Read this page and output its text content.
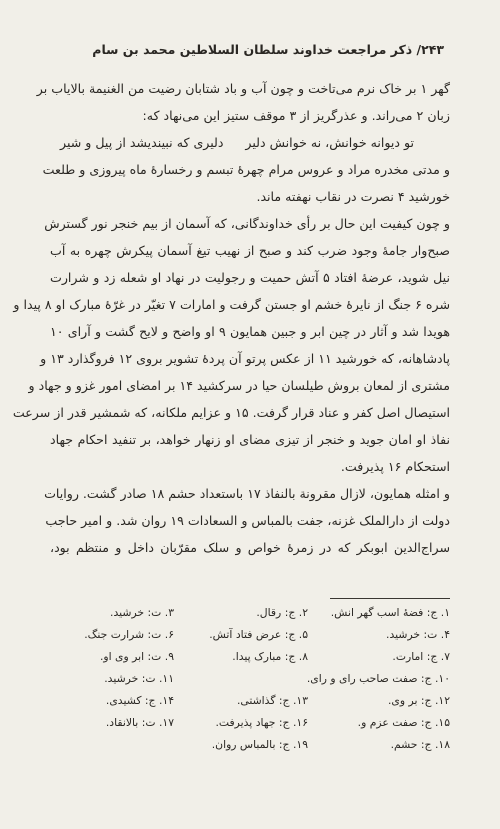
۲۴۳/ ذکر مراجعت خداوند سلطان السلاطین محمد بن سام
گهر ۱ بر خاک نرم می‌تاخت و چون آب و باد شتابان رضیت من الغنیمة بالایاب بر
زبان ۲ می‌راند. و عذرگریز از ۳ موقف ستیز این می‌نهاد که:
تو دیوانه خوانش، نه خوانش دلیر
دلیری که نبیندیشد از پیل و شیر
و مدتی مخدره مراد و عروس مرام چهرهٔ تبسم و رخسارهٔ ماه پیروزی و طلعت
خورشید ۴ نصرت در نقاب نهفته ماند.
و چون کیفیت این حال بر رأی خداوندگانی، که آسمان از بیم خنجر نور گسترش
صبح‌وار جامهٔ وجود ضرب کند و صبح از نهیب تیغ آسمان پیکرش چهره به آب
نیل شوید، عرضهٔ افتاد ۵ آتش حمیت و رجولیت در نهاد او شعله زد و شرارت
شره ۶ جنگ از نایرهٔ خشم او جستن گرفت و امارات ۷ تغیّر در غرّهٔ مبارک او ۸ پیدا و
هویدا شد و آثار در چین ابر و جبین همایون ۹ او واضح و لایح گشت و آرای ۱۰
پادشاهانه، که خورشید ۱۱ از عکس پرتو آن پردهٔ تشویر بروی ۱۲ فروگذارد ۱۳ و
مشتری از لمعان بروش طیلسان حیا در سرکشید ۱۴ بر امضای امور غزو و جهاد و
استیصال اصل کفر و عناد قرار گرفت. ۱۵ و عزایم ملکانه، که شمشیر قدر از سرعت
نفاذ او امان جوید و خنجر از تیزی مضای او زنهار خواهد، بر تنفید احکام جهاد
استحکام ۱۶ پذیرفت.
و امثله همایون، لازال مقرونة بالنفاذ ۱۷ باستعداد حشم ۱۸ صادر گشت. روایات
دولت از دارالملک غزنه، جفت بالمباس و السعادات ۱۹ روان شد. و امیر حاجب
سراج‌الدین ابوبکر که در زمرهٔ خواص و سلک مقرّبان داخل و منتظم بود،
۱. ج: فضهٔ اسب گهر انش.
۲. ج: رقال.
۳. ت: خرشید.
۴. ت: خرشید.
۵. ج: عرض فتاد آتش.
۶. ت: شرارت جنگ.
۷. ج: امارت.
۸. ج: مبارک پیدا.
۹. ت: ابر وی او.
۱۰. ج: صفت صاحب رای و رای.
۱۱. ت: خرشید.
۱۲. ج: بر وی.
۱۳. ج: گذاشتی.
۱۴. ج: کشیدی.
۱۵. ج: صفت عزم و.
۱۶. ج: جهاد پذیرفت.
۱۷. ت: بالانقاد.
۱۸. ج: حشم.
۱۹. ج: بالمباس روان.
